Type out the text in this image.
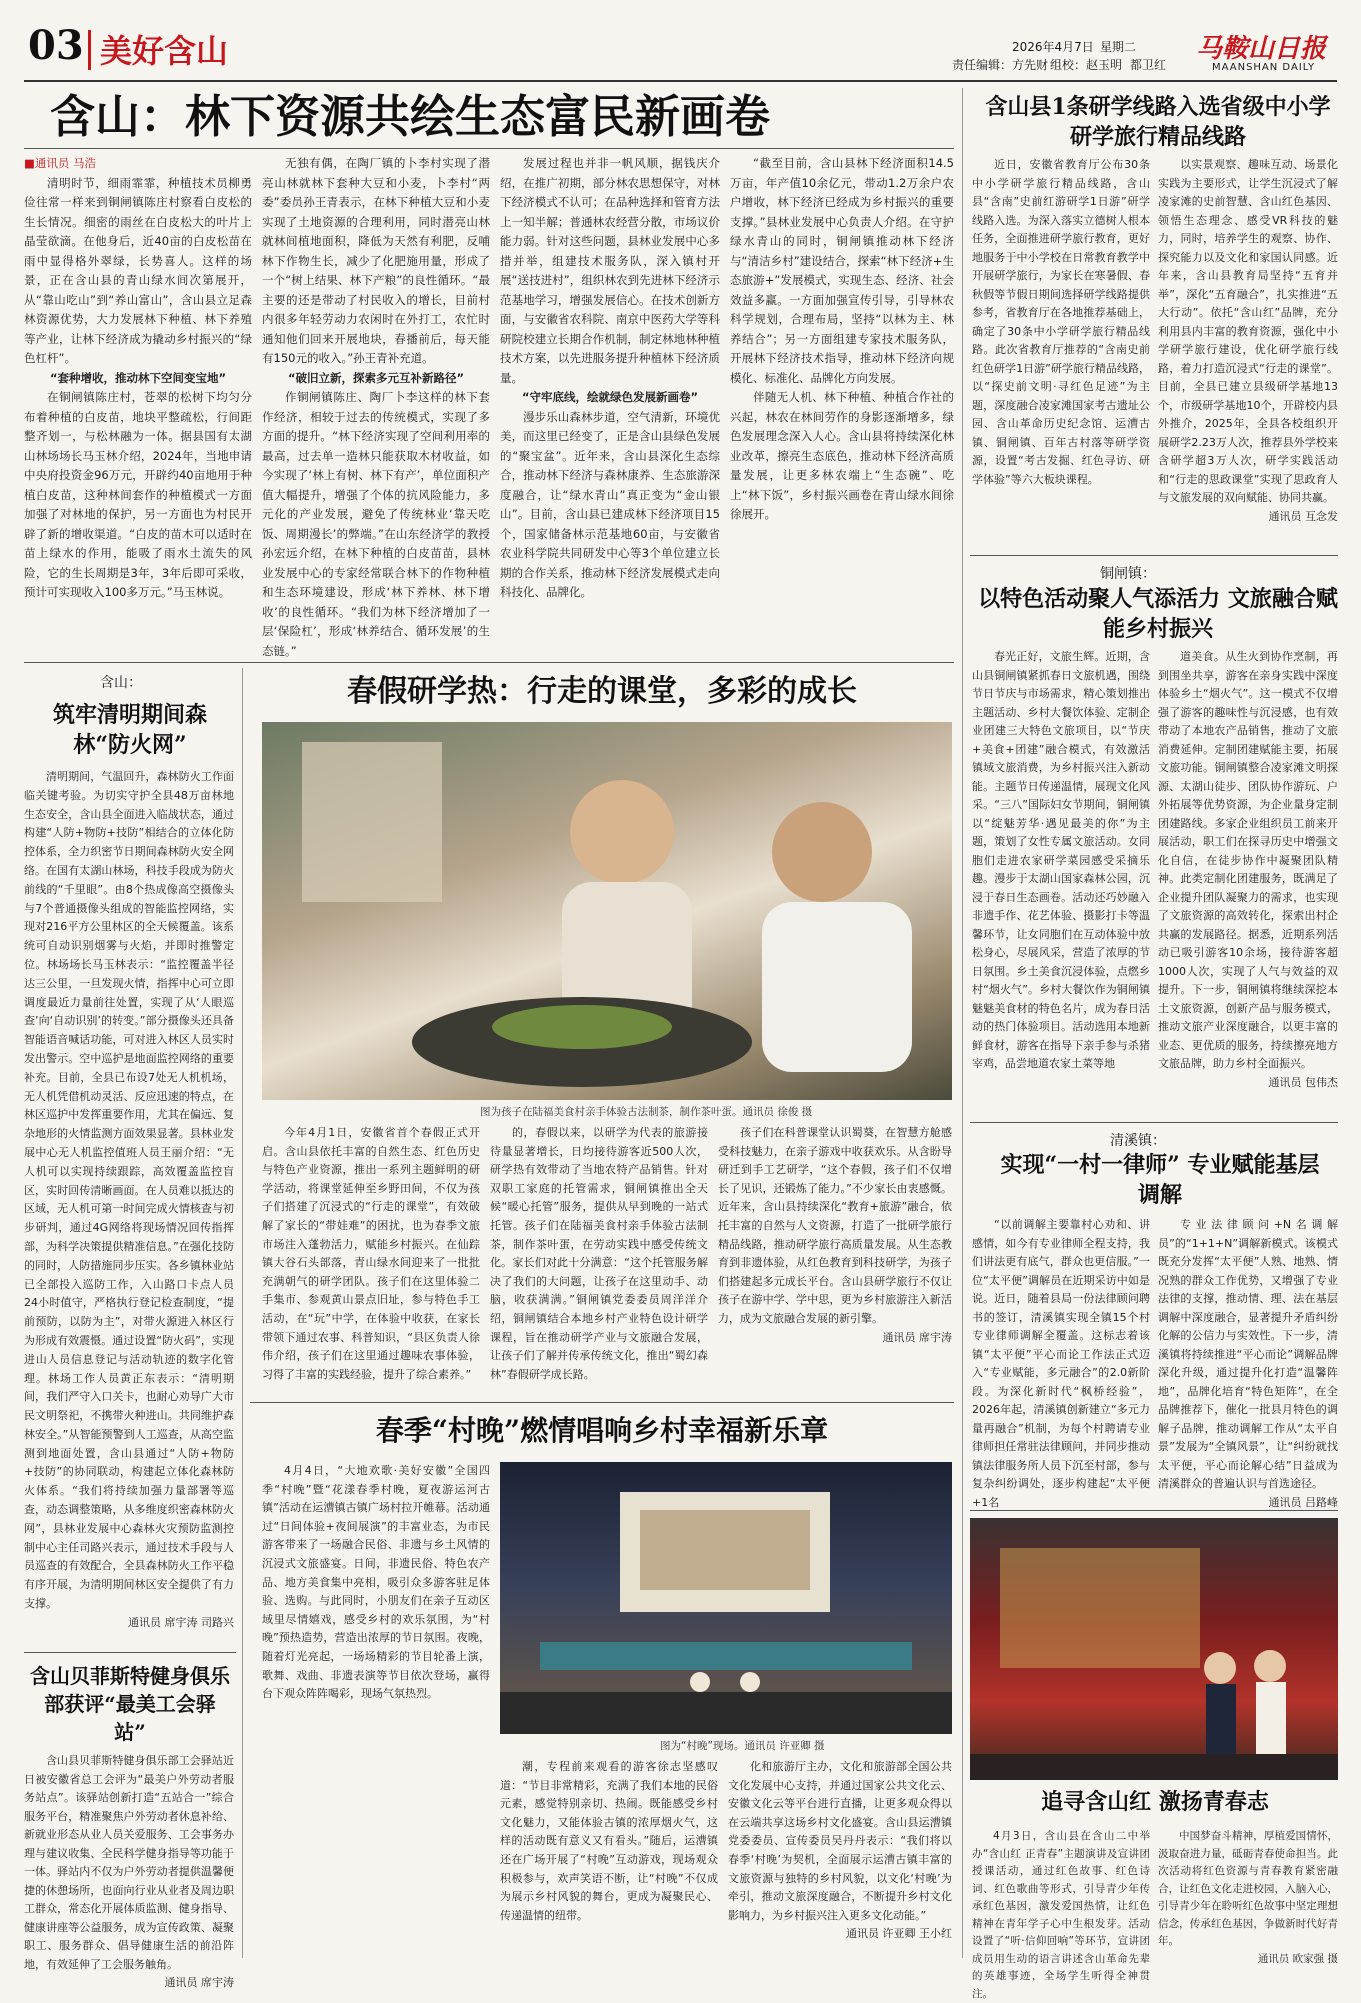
03 美好含山	2026年4月7日 星期二
责任编辑：方先财 组校：赵玉明 都卫红
马鞍山日报
MAANSHAN DAILY
含山：林下资源共绘生态富民新画卷

■通讯员 马浩

清明时节，细雨霏霏，种植技术员柳勇俭往常一样来到铜闸镇陈庄村察看白皮松的生长情况。细密的雨丝在白皮松大的叶片上晶莹欲滴。在他身后，近40亩的白皮松苗在雨中显得格外翠绿，长势喜人。这样的场景，正在含山县的青山绿水间次第展开，从“靠山吃山”到“养山富山”，含山县立足森林资源优势，大力发展林下种植、林下养殖等产业，让林下经济成为撬动乡村振兴的“绿色杠杆”。

“套种增收，推动林下空间变宝地”

在铜闸镇陈庄村，苍翠的松树下均匀分布着种植的白皮苗，地块平整疏松，行间距整齐划一，与松林融为一体。据县国有太湖山林场场长马玉林介绍，2024年，当地申请中央府投资金96万元，开辟约40亩地用于种植白皮苗，这种林间套作的种植模式一方面加强了对林地的保护，另一方面也为村民开辟了新的增收渠道。“白皮的苗木可以适时在苗上绿水的作用，能吸了雨水土流失的风险，它的生长周期是3年，3年后即可采收，预计可实现收入100多万元。”马玉林说。

无独有偶，在陶厂镇的卜李村实现了潜亮山林就林下套种大豆和小麦，卜李村“两委”委员孙王青表示，在林下种植大豆和小麦实现了土地资源的合理利用，同时潜亮山林就林间植地面积，降低为天然有利肥，反哺林下作物生长，减少了化肥施用量，形成了一个“树上结果、林下产粮”的良性循环。“最主要的还是带动了村民收入的增长，目前村内很多年轻劳动力农闲时在外打工，农忙时通知他们回来开展地块，春播前后，每天能有150元的收入。”孙王青补充道。

“破旧立新，探索多元互补新路径”

作铜闸镇陈庄、陶厂卜李这样的林下套作经济，相较于过去的传统模式，实现了多方面的提升。“林下经济实现了空间利用率的最高，过去单一造林只能获取木材收益，如今实现了‘林上有树、林下有产’，单位面积产值大幅提升，增强了个体的抗风险能力，多元化的产业发展，避免了传统林业‘靠天吃饭、周期漫长’的弊端。”在山东经济学的教授孙宏远介绍，在林下种植的白皮苗苗，县林业发展中心的专家经常联合林下的作物种植和生态环境建设，形成‘林下养林、林下增收’的良性循环。“我们为林下经济增加了一层‘保险杠’，形成‘林养结合、循环发展’的生态链。”

发展过程也并非一帆风顺，据钱庆介绍，在推广初期，部分林农思想保守，对林下经济模式不认可；在品种选择和管育方法上一知半解；普通林农经营分散，市场议价能力弱。针对这些问题，县林业发展中心多措并举，组建技术服务队，深入镇村开展“送技进村”，组织林农到先进林下经济示范基地学习，增强发展信心。在技术创新方面，与安徽省农科院、南京中医药大学等科研院校建立长期合作机制，制定林地林种植技术方案，以先进服务提升种植林下经济质量。

“守牢底线，绘就绿色发展新画卷”

漫步乐山森林步道，空气清新，环境优美，而这里已经变了，正是含山县绿色发展的“聚宝盆”。近年来，含山县深化生态综合，推动林下经济与森林康养、生态旅游深度融合，让“绿水青山”真正变为“金山银山”。目前，含山县已建成林下经济项目15个，国家储备林示范基地60亩，与安徽省农业科学院共同研发中心等3个单位建立长期的合作关系，推动林下经济发展模式走向科技化、品牌化。

“截至目前，含山县林下经济面积14.5万亩，年产值10余亿元，带动1.2万余户农户增收，林下经济已经成为乡村振兴的重要支撑。”县林业发展中心负责人介绍。在守护绿水青山的同时，铜闸镇推动林下经济与“清洁乡村”建设结合，探索“林下经济+生态旅游+”发展模式，实现生态、经济、社会效益多赢。一方面加强宣传引导，引导林农科学规划，合理布局，坚持“以林为主、林养结合”；另一方面组建专家技术服务队，开展林下经济技术指导，推动林下经济向规模化、标准化、品牌化方向发展。

伴随无人机、林下种植、种植合作社的兴起，林农在林间劳作的身影逐渐增多，绿色发展理念深入人心。含山县将持续深化林业改革，擦亮生态底色，推动林下经济高质量发展，让更多林农端上“生态碗”、吃上“林下饭”，乡村振兴画卷在青山绿水间徐徐展开。

含山县1条研学线路入选省级中小学研学旅行精品线路

近日，安徽省教育厅公布30条中小学研学旅行精品线路，含山县“含南”史前红游研学1日游”研学线路入选。为深入落实立德树人根本任务，全面推进研学旅行教育，更好地服务于中小学校在日常教育教学中开展研学旅行，为家长在寒暑假、春秋假等节假日期间选择研学线路提供参考，省教育厅在各地推荐基础上，确定了30条中小学研学旅行精品线路。此次省教育厅推荐的“含南史前红色研学1日游”研学旅行精品线路，以“探史前文明·寻红色足迹”为主题，深度融合凌家滩国家考古遗址公园、含山革命历史纪念馆、运漕古镇、铜闸镇、百年古村落等研学资源，设置“考古发掘、红色寻访、研学体验”等六大板块课程。

以实景观察、趣味互动、场景化实践为主要形式，让学生沉浸式了解凌家滩的史前智慧、含山红色基因、领悟生态理念、感受VR科技的魅力，同时，培养学生的观察、协作、探究能力以及文化和家国认同感。近年来，含山县教育局坚持“五育并举”，深化“五育融合”，扎实推进“五大行动”。依托“含山红”品牌，充分利用县内丰富的教育资源，强化中小学研学旅行建设，优化研学旅行线路，着力打造沉浸式“行走的课堂”。目前，全县已建立县级研学基地13个，市级研学基地10个，开辟校内县外推介，2025年，全县各校组织开展研学2.23万人次，推荐县外学校来含研学超3万人次，研学实践活动和“行走的思政课堂”实现了思政育人与文旅发展的双向赋能、协同共赢。

通讯员 互念发

铜闸镇：
以特色活动聚人气添活力 文旅融合赋能乡村振兴

春光正好，文旅生辉。近期，含山县铜闸镇紧抓春日文旅机遇，围绕节日节庆与市场需求，精心策划推出主题活动、乡村大餐饮体验、定制企业团建三大特色文旅项目，以“节庆+美食+团建”融合模式，有效激活镇域文旅消费，为乡村振兴注入新动能。主题节日传递温情，展现文化风采。“三八”国际妇女节期间，铜闸镇以“绽魅芳华·遇见最美的你”为主题，策划了女性专属文旅活动。女同胞们走进农家研学菜园感受采摘乐趣。漫步于太湖山国家森林公园，沉浸于春日生态画卷。活动还巧妙融入非遗手作、花艺体验、摄影打卡等温馨环节，让女同胞们在互动体验中放松身心，尽展风采，营造了浓厚的节日氛围。乡土美食沉浸体验，点燃乡村“烟火气”。乡村大餐饮作为铜闸镇魅魅美食材的特色名片，成为春日活动的热门体验项目。活动选用本地新鲜食材，游客在指导下亲手参与杀猪宰鸡，品尝地道农家土菜等地

道美食。从生火到协作烹制，再到围坐共享，游客在亲身实践中深度体验乡土“烟火气”。这一模式不仅增强了游客的趣味性与沉浸感，也有效带动了本地农产品销售，推动了文旅消费延伸。定制团建赋能主要，拓展文旅功能。铜闸镇整合凌家滩文明探源、太湖山徒步、团队协作游玩、户外拓展等优势资源，为企业量身定制团建路线。多家企业组织员工前来开展活动，职工们在探寻历史中增强文化自信，在徒步协作中凝聚团队精神。此类定制化团建服务，既满足了企业提升团队凝聚力的需求，也实现了文旅资源的高效转化，探索出村企共赢的发展路径。据悉，近期系列活动已吸引游客10余场，接待游客超1000人次，实现了人气与效益的双提升。下一步，铜闸镇将继续深挖本土文旅资源，创新产品与服务模式，推动文旅产业深度融合，以更丰富的业态、更优质的服务，持续擦亮地方文旅品牌，助力乡村全面振兴。

通讯员 包伟杰

清溪镇：
实现“一村一律师” 专业赋能基层调解

“以前调解主要靠村心劝和、讲感情，如今有专业律师全程支持，我们讲法更有底气，群众也更信服。”一位“太平便”调解员在近期采访中如是说。近日，随着县局一份法律顾问聘书的签订，清溪镇实现全镇15个村专业律师调解全覆盖。这标志着该镇“太平便”平心而论工作法正式迈入“专业赋能，多元融合”的2.0新阶段。为深化新时代“枫桥经验”，2026年起，清溪镇创新建立“多元力量再融合”机制，为每个村聘请专业律师担任常驻法律顾问，并同步推动镇法律服务所人员下沉至村部，参与复杂纠纷调处，逐步构建起“太平便+1名

专业法律顾问+N名调解员”的“1+1+N”调解新模式。该模式既充分发挥“太平便”人熟、地熟、情况熟的群众工作优势，又增强了专业法律的支撑，推动情、理、法在基层调解中深度融合，显著提升矛盾纠纷化解的公信力与实效性。下一步，清溪镇将持续推进“平心而论”调解品牌深化升级，通过提升化打造“温馨阵地”，品牌化培育“特色矩阵”，在全品牌推荐下，催化一批县月特色的调解子品牌，推动调解工作从“太平自景”发展为“全镇风景”，让“纠纷就找太平便，平心而论解心结”日益成为清溪群众的普遍认识与首选途径。

通讯员 吕路峰

含山：
筑牢清明期间森林“防火网”

清明期间，气温回升，森林防火工作面临关键考验。为切实守护全县48万亩林地生态安全，含山县全面进入临战状态，通过构建“人防+物防+技防”相结合的立体化防控体系，全力织密节日期间森林防火安全网络。在国有太湖山林场，科技手段成为防火前线的“千里眼”。由8个热成像高空摄像头与7个普通摄像头组成的智能监控网络，实现对216平方公里林区的全天候覆盖。该系统可自动识别烟雾与火焰，并即时推警定位。林场场长马玉林表示：“监控覆盖半径达三公里，一旦发现火情，指挥中心可立即调度最近力量前往处置，实现了从‘人眼巡查’向‘自动识别’的转变。”部分摄像头还具备智能语音喊话功能，可对进入林区人员实时发出警示。空中巡护是地面监控网络的重要补充。目前，全县已布设7处无人机机场，无人机凭借机动灵活、反应迅速的特点，在林区巡护中发挥重要作用，尤其在偏远、复杂地形的火情监测方面效果显著。县林业发展中心无人机监控值班人员王丽介绍：“无人机可以实现持续跟踪，高效覆盖监控盲区，实时回传清晰画面。在人员难以抵达的区域，无人机可第一时间完成火情核查与初步研判，通过4G网络将现场情况回传指挥部，为科学决策提供精准信息。”在强化技防的同时，人防措施同步压实。各乡镇林业站已全部投入巡防工作，入山路口卡点人员24小时值守，严格执行登记检查制度，“提前预防，以防为主”，对带火源进入林区行为形成有效震慑。通过设置“防火码”，实现进山人员信息登记与活动轨迹的数字化管理。林场工作人员黄正东表示：“清明期间，我们严守入口关卡，也耐心劝导广大市民文明祭祀，不携带火种进山。共同维护森林安全。”从智能预警到人工巡查，从高空监测到地面处置，含山县通过“人防+物防+技防”的协同联动，构建起立体化森林防火体系。“我们将持续加强力量部署等巡查，动态调整策略，从多维度织密森林防火网”，县林业发展中心森林火灾预防监测控制中心主任司路兴表示，通过技术手段与人员巡查的有效配合，全县森林防火工作平稳有序开展，为清明期间林区安全提供了有力支撑。

通讯员 席宇涛 司路兴

含山贝菲斯特健身俱乐部获评“最美工会驿站”

含山县贝菲斯特健身俱乐部工会驿站近日被安徽省总工会评为“最美户外劳动者服务站点”。该驿站创新打造“五站合一”综合服务平台，精准聚焦户外劳动者休息补给、新就业形态从业人员关爱服务、工会事务办理与建议收集、全民科学健身指导等功能于一体。驿站内不仅为户外劳动者提供温馨便捷的休憩场所，也面向行业从业者及周边职工群众，常态化开展体质监测、健身指导、健康讲座等公益服务，成为宣传政策、凝聚职工、服务群众、倡导健康生活的前沿阵地，有效延伸了工会服务触角。

通讯员 席宇涛

春假研学热：行走的课堂，多彩的成长
图为孩子在陆福美食村亲手体验古法制茶，制作茶叶蛋。通讯员 徐俊 摄

今年4月1日，安徽省首个春假正式开启。含山县依托丰富的自然生态、红色历史与特色产业资源，推出一系列主题鲜明的研学活动，将课堂延伸至乡野田间，不仅为孩子们搭建了沉浸式的“行走的课堂”，有效破解了家长的“带娃难”的困扰，也为春季文旅市场注入蓬勃活力，赋能乡村振兴。在仙踪镇大谷石头部落，青山绿水间迎来了一批批充满朝气的研学团队。孩子们在这里体验二手集市、参观黄山景点旧址，参与特色手工活动，在“玩”中学，在体验中收获，在家长带领下通过农事、科普知识，“县区负责人徐伟介绍，孩子们在这里通过趣味农事体验，习得了丰富的实践经验，提升了综合素养。”

的，春假以来，以研学为代表的旅游接待量显著增长，日均接待游客近500人次，研学热有效带动了当地农特产品销售。针对双职工家庭的托管需求，铜闸镇推出全天候“暖心托管”服务，提供从早到晚的一站式托管。孩子们在陆福美食村亲手体验古法制茶，制作茶叶蛋，在劳动实践中感受传统文化。家长们对此十分满意：“这个托管服务解决了我们的大问题，让孩子在这里动手、动脑，收获满满。”铜闸镇党委委员周洋洋介绍，铜闸镇结合本地乡村产业特色设计研学课程，旨在推动研学产业与文旅融合发展，让孩子们了解并传承传统文化，推出“蜀幻森林”春假研学成长路。

孩子们在科普课堂认识蜀葵，在智慧方舱感受科技魅力，在亲子游戏中收获欢乐。从含盼导研迁到手工艺研学，“这个春假，孩子们不仅增长了见识，还锻炼了能力。”不少家长由衷感慨。近年来，含山县持续深化“教育+旅游”融合，依托丰富的自然与人文资源，打造了一批研学旅行精品线路，推动研学旅行高质量发展。从生态教育到非遗体验，从红色教育到科技研学，为孩子们搭建起多元成长平台。含山县研学旅行不仅让孩子在游中学、学中思，更为乡村旅游注入新活力，成为文旅融合发展的新引擎。

通讯员 席宇涛

春季“村晚”燃情唱响乡村幸福新乐章

4月4日，“大地欢歌·美好安徽”全国四季“村晚”暨“花漾春季村晚，夏夜游运河古镇”活动在运漕镇古镇广场村拉开帷幕。活动通过“日间体验+夜间展演”的丰富业态，为市民游客带来了一场融合民俗、非遗与乡土风情的沉浸式文旅盛宴。日间，非遗民俗、特色农产品、地方美食集中亮相，吸引众多游客驻足体验、选购。与此同时，小朋友们在亲子互动区域里尽情嬉戏，感受乡村的欢乐氛围，为“村晚”预热造势，营造出浓厚的节日氛围。夜晚，随着灯光亮起，一场场精彩的节目轮番上演，歌舞、戏曲、非遗表演等节目依次登场，赢得台下观众阵阵喝彩，现场气氛热烈。

图为“村晚”现场。通讯员 许亚卿 摄

潮，专程前来观看的游客徐志坚感叹道：“节目非常精彩，充满了我们本地的民俗元素，感觉特别亲切、热闹。既能感受乡村文化魅力，又能体验古镇的浓厚烟火气，这样的活动既有意义又有看头。”随后，运漕镇还在广场开展了“村晚”互动游戏，现场观众积极参与，欢声笑语不断，让“村晚”不仅成为展示乡村风貌的舞台，更成为凝聚民心、传递温情的纽带。

化和旅游厅主办，文化和旅游部全国公共文化发展中心支持，并通过国家公共文化云、安徽文化云等平台进行直播，让更多观众得以在云端共享这场乡村文化盛宴。含山县运漕镇党委委员、宣传委员吴丹丹表示：“我们将以春季‘村晚’为契机，全面展示运漕古镇丰富的文旅资源与独特的乡村风貌，以文化‘村晚’为牵引，推动文旅深度融合，不断提升乡村文化影响力，为乡村振兴注入更多文化动能。”

通讯员 许亚卿 王小红

追寻含山红 激扬青春志

4月3日，含山县在含山二中举办“含山红 正青春”主题演讲及宣讲团授课活动，通过红色故事、红色诗词、红色歌曲等形式，引导青少年传承红色基因，激发爱国热情，让红色精神在青年学子心中生根发芽。活动设置了“听·信仰回响”等环节，宣讲团成员用生动的语言讲述含山革命先辈的英雄事迹，全场学生听得全神贯注。

中国梦奋斗精神，厚植爱国情怀，汲取奋进力量，砥砺青春使命担当。此次活动将红色资源与青春教育紧密融合，让红色文化走进校园，入脑入心，引导青少年在聆听红色故事中坚定理想信念，传承红色基因，争做新时代好青年。

通讯员 欧家强 摄
